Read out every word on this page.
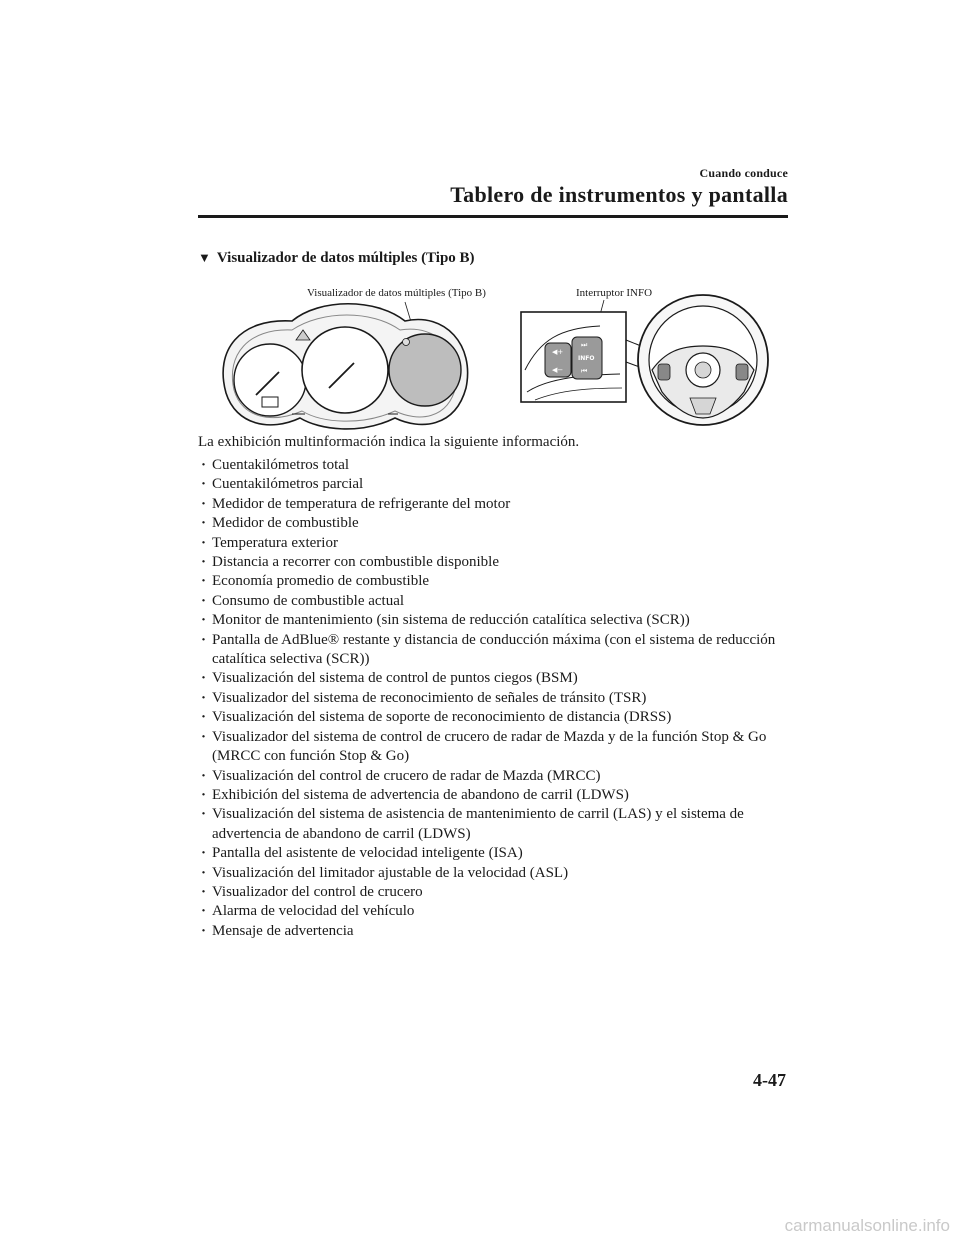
Cuando conduce
Tablero de instrumentos y pantalla
▼ Visualizador de datos múltiples (Tipo B)
Visualizador de datos múltiples (Tipo B)	Interruptor INFO
◀+
◀−
⏭
INFO
⏮
La exhibición multinformación indica la siguiente información.
· Cuentakilómetros total
· Cuentakilómetros parcial
· Medidor de temperatura de refrigerante del motor
· Medidor de combustible
· Temperatura exterior
· Distancia a recorrer con combustible disponible
· Economía promedio de combustible
· Consumo de combustible actual
· Monitor de mantenimiento (sin sistema de reducción catalítica selectiva (SCR))
· Pantalla de AdBlue® restante y distancia de conducción máxima (con el sistema de reducción catalítica selectiva (SCR))
· Visualización del sistema de control de puntos ciegos (BSM)
· Visualizador del sistema de reconocimiento de señales de tránsito (TSR)
· Visualización del sistema de soporte de reconocimiento de distancia (DRSS)
· Visualizador del sistema de control de crucero de radar de Mazda y de la función Stop & Go (MRCC con función Stop & Go)
· Visualización del control de crucero de radar de Mazda (MRCC)
· Exhibición del sistema de advertencia de abandono de carril (LDWS)
· Visualización del sistema de asistencia de mantenimiento de carril (LAS) y el sistema de advertencia de abandono de carril (LDWS)
· Pantalla del asistente de velocidad inteligente (ISA)
· Visualización del limitador ajustable de la velocidad (ASL)
· Visualizador del control de crucero
· Alarma de velocidad del vehículo
· Mensaje de advertencia
4-47
carmanualsonline.info
